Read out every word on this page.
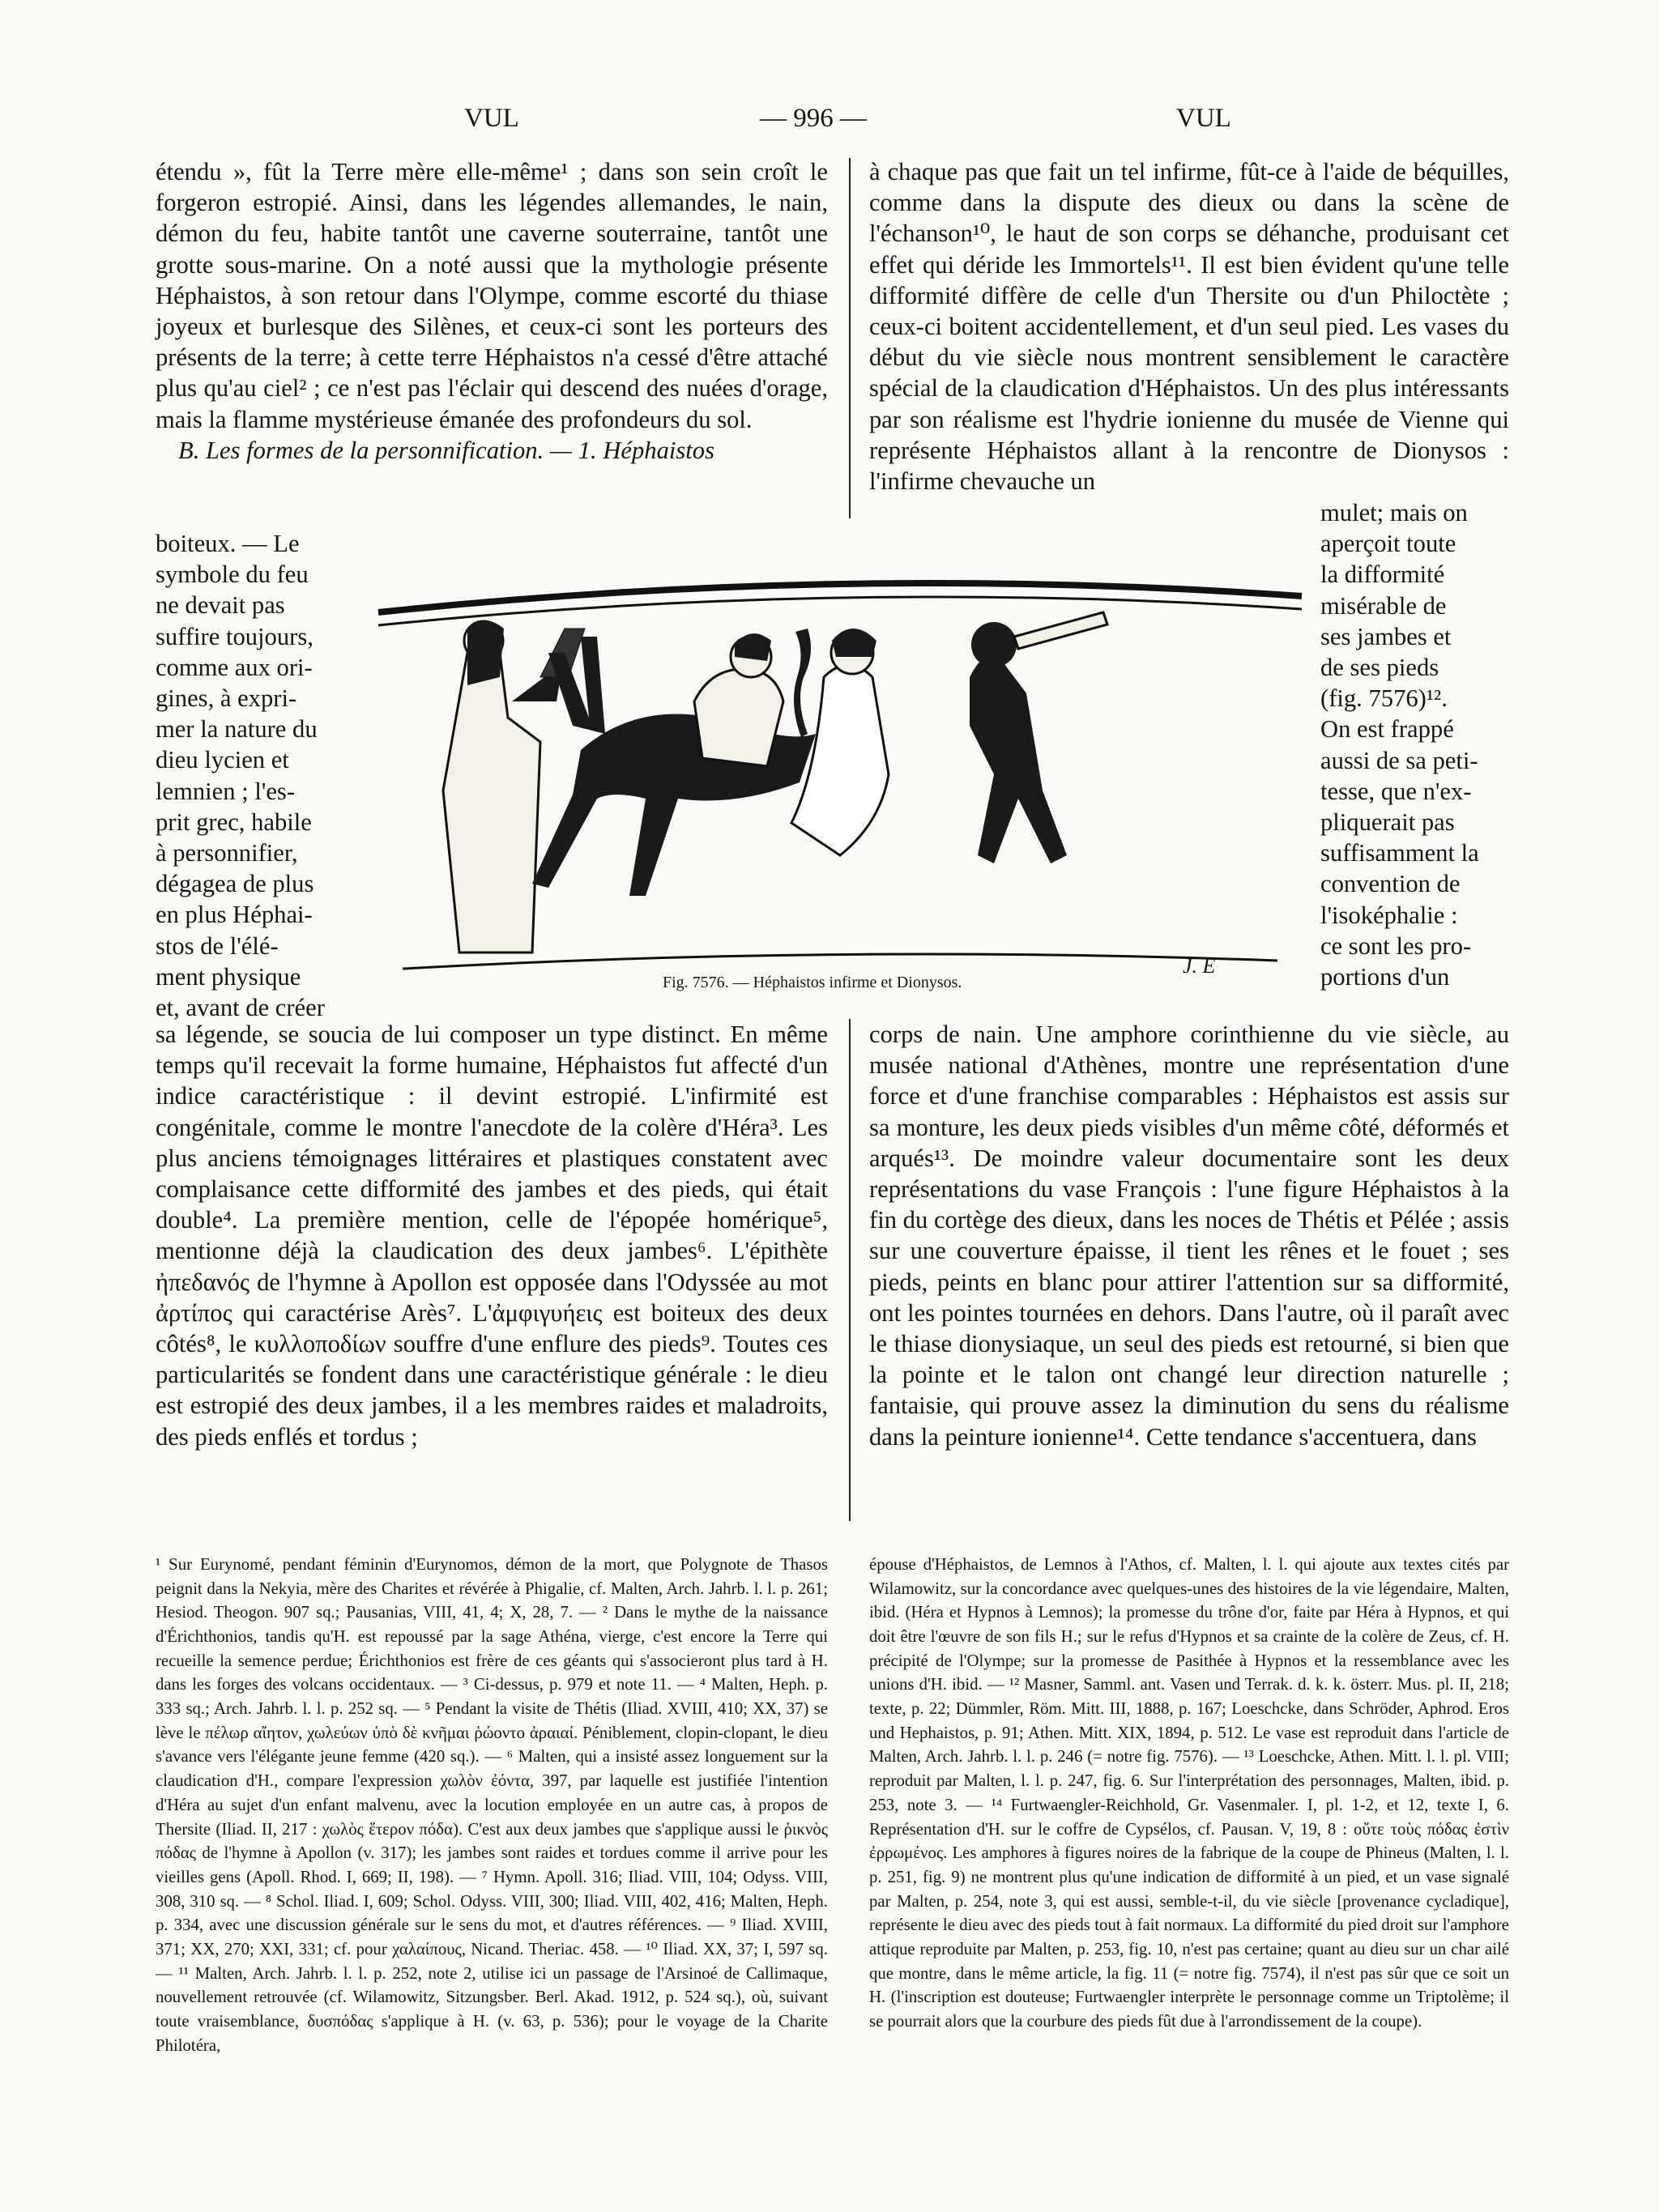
VUL	— 996 —	VUL

étendu », fût la Terre mère elle-même¹ ; dans son sein croît le forgeron estropié. Ainsi, dans les légendes allemandes, le nain, démon du feu, habite tantôt une caverne souterraine, tantôt une grotte sous-marine. On a noté aussi que la mythologie présente Héphaistos, à son retour dans l'Olympe, comme escorté du thiase joyeux et burlesque des Silènes, et ceux-ci sont les porteurs des présents de la terre; à cette terre Héphaistos n'a cessé d'être attaché plus qu'au ciel² ; ce n'est pas l'éclair qui descend des nuées d'orage, mais la flamme mystérieuse émanée des profondeurs du sol.

B. Les formes de la personnification. — 1. Héphaistos

boiteux. — Le
symbole du feu
ne devait pas
suffire toujours,
comme aux ori-
gines, à expri-
mer la nature du
dieu lycien et
lemnien ; l'es-
prit grec, habile
à personnifier,
dégagea de plus
en plus Héphai-
stos de l'élé-
ment physique
et, avant de créer

à chaque pas que fait un tel infirme, fût-ce à l'aide de béquilles, comme dans la dispute des dieux ou dans la scène de l'échanson¹⁰, le haut de son corps se déhanche, produisant cet effet qui déride les Immortels¹¹. Il est bien évident qu'une telle difformité diffère de celle d'un Thersite ou d'un Philoctète ; ceux-ci boitent accidentellement, et d'un seul pied. Les vases du début du vie siècle nous montrent sensiblement le caractère spécial de la claudication d'Héphaistos. Un des plus intéressants par son réalisme est l'hydrie ionienne du musée de Vienne qui représente Héphaistos allant à la rencontre de Dionysos : l'infirme chevauche un

mulet; mais on
aperçoit toute
la difformité
misérable de
ses jambes et
de ses pieds
(fig. 7576)¹².
On est frappé
aussi de sa peti-
tesse, que n'ex-
pliquerait pas
suffisamment la
convention de
l'isoképhalie :
ce sont les pro-
portions d'un
J. E
Fig. 7576. — Héphaistos infirme et Dionysos.

sa légende, se soucia de lui composer un type distinct. En même temps qu'il recevait la forme humaine, Héphaistos fut affecté d'un indice caractéristique : il devint estropié. L'infirmité est congénitale, comme le montre l'anecdote de la colère d'Héra³. Les plus anciens témoignages littéraires et plastiques constatent avec complaisance cette difformité des jambes et des pieds, qui était double⁴. La première mention, celle de l'épopée homérique⁵, mentionne déjà la claudication des deux jambes⁶. L'épithète ἠπεδανός de l'hymne à Apollon est opposée dans l'Odyssée au mot ἀρτίπος qui caractérise Arès⁷. L'ἀμφιγυήεις est boiteux des deux côtés⁸, le κυλλοποδίων souffre d'une enflure des pieds⁹. Toutes ces particularités se fondent dans une caractéristique générale : le dieu est estropié des deux jambes, il a les membres raides et maladroits, des pieds enflés et tordus ;

corps de nain. Une amphore corinthienne du vie siècle, au musée national d'Athènes, montre une représentation d'une force et d'une franchise comparables : Héphaistos est assis sur sa monture, les deux pieds visibles d'un même côté, déformés et arqués¹³. De moindre valeur documentaire sont les deux représentations du vase François : l'une figure Héphaistos à la fin du cortège des dieux, dans les noces de Thétis et Pélée ; assis sur une couverture épaisse, il tient les rênes et le fouet ; ses pieds, peints en blanc pour attirer l'attention sur sa difformité, ont les pointes tournées en dehors. Dans l'autre, où il paraît avec le thiase dionysiaque, un seul des pieds est retourné, si bien que la pointe et le talon ont changé leur direction naturelle ; fantaisie, qui prouve assez la diminution du sens du réalisme dans la peinture ionienne¹⁴. Cette tendance s'accentuera, dans

¹ Sur Eurynomé, pendant féminin d'Eurynomos, démon de la mort, que Polygnote de Thasos peignit dans la Nekyia, mère des Charites et révérée à Phigalie, cf. Malten, Arch. Jahrb. l. l. p. 261; Hesiod. Theogon. 907 sq.; Pausanias, VIII, 41, 4; X, 28, 7. — ² Dans le mythe de la naissance d'Érichthonios, tandis qu'H. est repoussé par la sage Athéna, vierge, c'est encore la Terre qui recueille la semence perdue; Érichthonios est frère de ces géants qui s'associeront plus tard à H. dans les forges des volcans occidentaux. — ³ Ci-dessus, p. 979 et note 11. — ⁴ Malten, Heph. p. 333 sq.; Arch. Jahrb. l. l. p. 252 sq. — ⁵ Pendant la visite de Thétis (Iliad. XVIII, 410; XX, 37) se lève le πέλωρ αἴητον, χωλεύων ὑπὸ δὲ κνῆμαι ῥώοντο ἀραιαί. Péniblement, clopin-clopant, le dieu s'avance vers l'élégante jeune femme (420 sq.). — ⁶ Malten, qui a insisté assez longuement sur la claudication d'H., compare l'expression χωλὸν ἐόντα, 397, par laquelle est justifiée l'intention d'Héra au sujet d'un enfant malvenu, avec la locution employée en un autre cas, à propos de Thersite (Iliad. II, 217 : χωλὸς ἕτερον πόδα). C'est aux deux jambes que s'applique aussi le ῥικνὸς πόδας de l'hymne à Apollon (v. 317); les jambes sont raides et tordues comme il arrive pour les vieilles gens (Apoll. Rhod. I, 669; II, 198). — ⁷ Hymn. Apoll. 316; Iliad. VIII, 104; Odyss. VIII, 308, 310 sq. — ⁸ Schol. Iliad. I, 609; Schol. Odyss. VIII, 300; Iliad. VIII, 402, 416; Malten, Heph. p. 334, avec une discussion générale sur le sens du mot, et d'autres références. — ⁹ Iliad. XVIII, 371; XX, 270; XXI, 331; cf. pour χαλαίπους, Nicand. Theriac. 458. — ¹⁰ Iliad. XX, 37; I, 597 sq. — ¹¹ Malten, Arch. Jahrb. l. l. p. 252, note 2, utilise ici un passage de l'Arsinoé de Callimaque, nouvellement retrouvée (cf. Wilamowitz, Sitzungsber. Berl. Akad. 1912, p. 524 sq.), où, suivant toute vraisemblance, δυσπόδας s'applique à H. (v. 63, p. 536); pour le voyage de la Charite Philotéra,

épouse d'Héphaistos, de Lemnos à l'Athos, cf. Malten, l. l. qui ajoute aux textes cités par Wilamowitz, sur la concordance avec quelques-unes des histoires de la vie légendaire, Malten, ibid. (Héra et Hypnos à Lemnos); la promesse du trône d'or, faite par Héra à Hypnos, et qui doit être l'œuvre de son fils H.; sur le refus d'Hypnos et sa crainte de la colère de Zeus, cf. H. précipité de l'Olympe; sur la promesse de Pasithée à Hypnos et la ressemblance avec les unions d'H. ibid. — ¹² Masner, Samml. ant. Vasen und Terrak. d. k. k. österr. Mus. pl. II, 218; texte, p. 22; Dümmler, Röm. Mitt. III, 1888, p. 167; Loeschcke, dans Schröder, Aphrod. Eros und Hephaistos, p. 91; Athen. Mitt. XIX, 1894, p. 512. Le vase est reproduit dans l'article de Malten, Arch. Jahrb. l. l. p. 246 (= notre fig. 7576). — ¹³ Loeschcke, Athen. Mitt. l. l. pl. VIII; reproduit par Malten, l. l. p. 247, fig. 6. Sur l'interprétation des personnages, Malten, ibid. p. 253, note 3. — ¹⁴ Furtwaengler-Reichhold, Gr. Vasenmaler. I, pl. 1-2, et 12, texte I, 6. Représentation d'H. sur le coffre de Cypsélos, cf. Pausan. V, 19, 8 : οὔτε τοὺς πόδας ἐστὶν ἐρρωμένος. Les amphores à figures noires de la fabrique de la coupe de Phineus (Malten, l. l. p. 251, fig. 9) ne montrent plus qu'une indication de difformité à un pied, et un vase signalé par Malten, p. 254, note 3, qui est aussi, semble-t-il, du vie siècle [provenance cycladique], représente le dieu avec des pieds tout à fait normaux. La difformité du pied droit sur l'amphore attique reproduite par Malten, p. 253, fig. 10, n'est pas certaine; quant au dieu sur un char ailé que montre, dans le même article, la fig. 11 (= notre fig. 7574), il n'est pas sûr que ce soit un H. (l'inscription est douteuse; Furtwaengler interprète le personnage comme un Triptolème; il se pourrait alors que la courbure des pieds fût due à l'arrondissement de la coupe).
